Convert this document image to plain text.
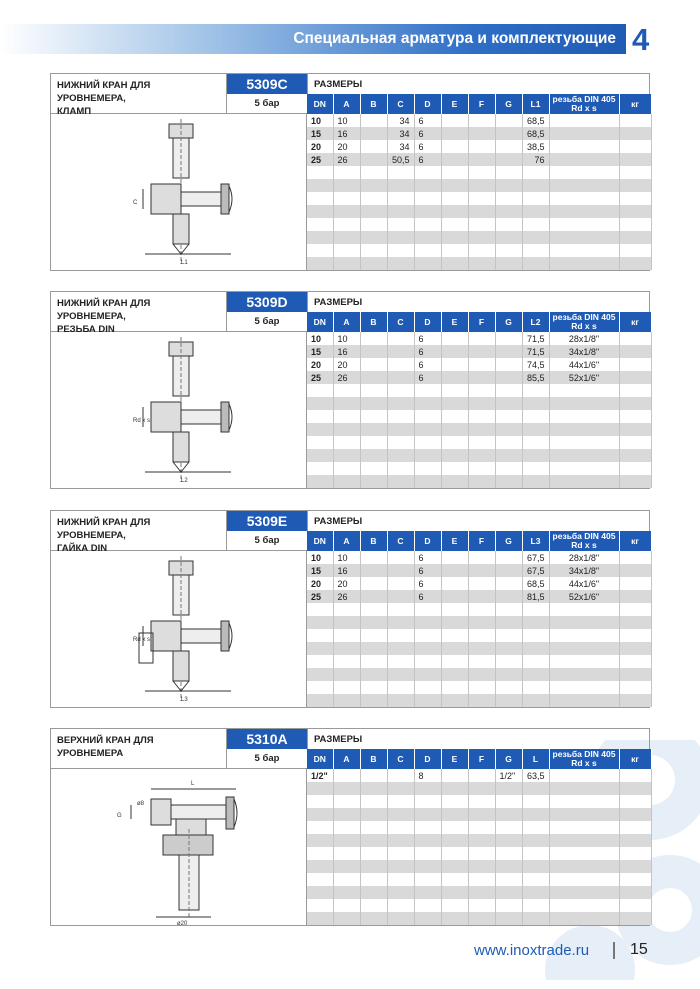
Специальная арматура и комплектующие 4
НИЖНИЙ КРАН ДЛЯ УРОВНЕМЕРА,
КЛАМП
5309C
5 бар
РАЗМЕРЫ
C
L1
DN	A	B	C	D	E	F	G	L1	резьба DIN 405
Rd x s	кг
10	10		34	6				68,5		
15	16		34	6				68,5		
20	20		34	6				38,5		
25	26		50,5	6				76		

НИЖНИЙ КРАН ДЛЯ УРОВНЕМЕРА,
РЕЗЬБА DIN
5309D
5 бар
РАЗМЕРЫ
Rd x s
L2
DN	A	B	C	D	E	F	G	L2	резьба DIN 405
Rd x s	кг
10	10			6				71,5	28x1/8"	
15	16			6				71,5	34x1/8"	
20	20			6				74,5	44x1/6"	
25	26			6				85,5	52x1/6"	

НИЖНИЙ КРАН ДЛЯ УРОВНЕМЕРА,
ГАЙКА DIN
5309E
5 бар
РАЗМЕРЫ
Rd x s
L3
DN	A	B	C	D	E	F	G	L3	резьба DIN 405
Rd x s	кг
10	10			6				67,5	28x1/8"	
15	16			6				67,5	34x1/8"	
20	20			6				68,5	44x1/6"	
25	26			6				81,5	52x1/6"	

ВЕРХНИЙ КРАН ДЛЯ УРОВНЕМЕРА

5310A
5 бар
РАЗМЕРЫ
L
G
ø8
ø20
DN	A	B	C	D	E	F	G	L	резьба DIN 405
Rd x s	кг
1/2"				8			1/2"	63,5		

www.inoxtrade.ru	15
